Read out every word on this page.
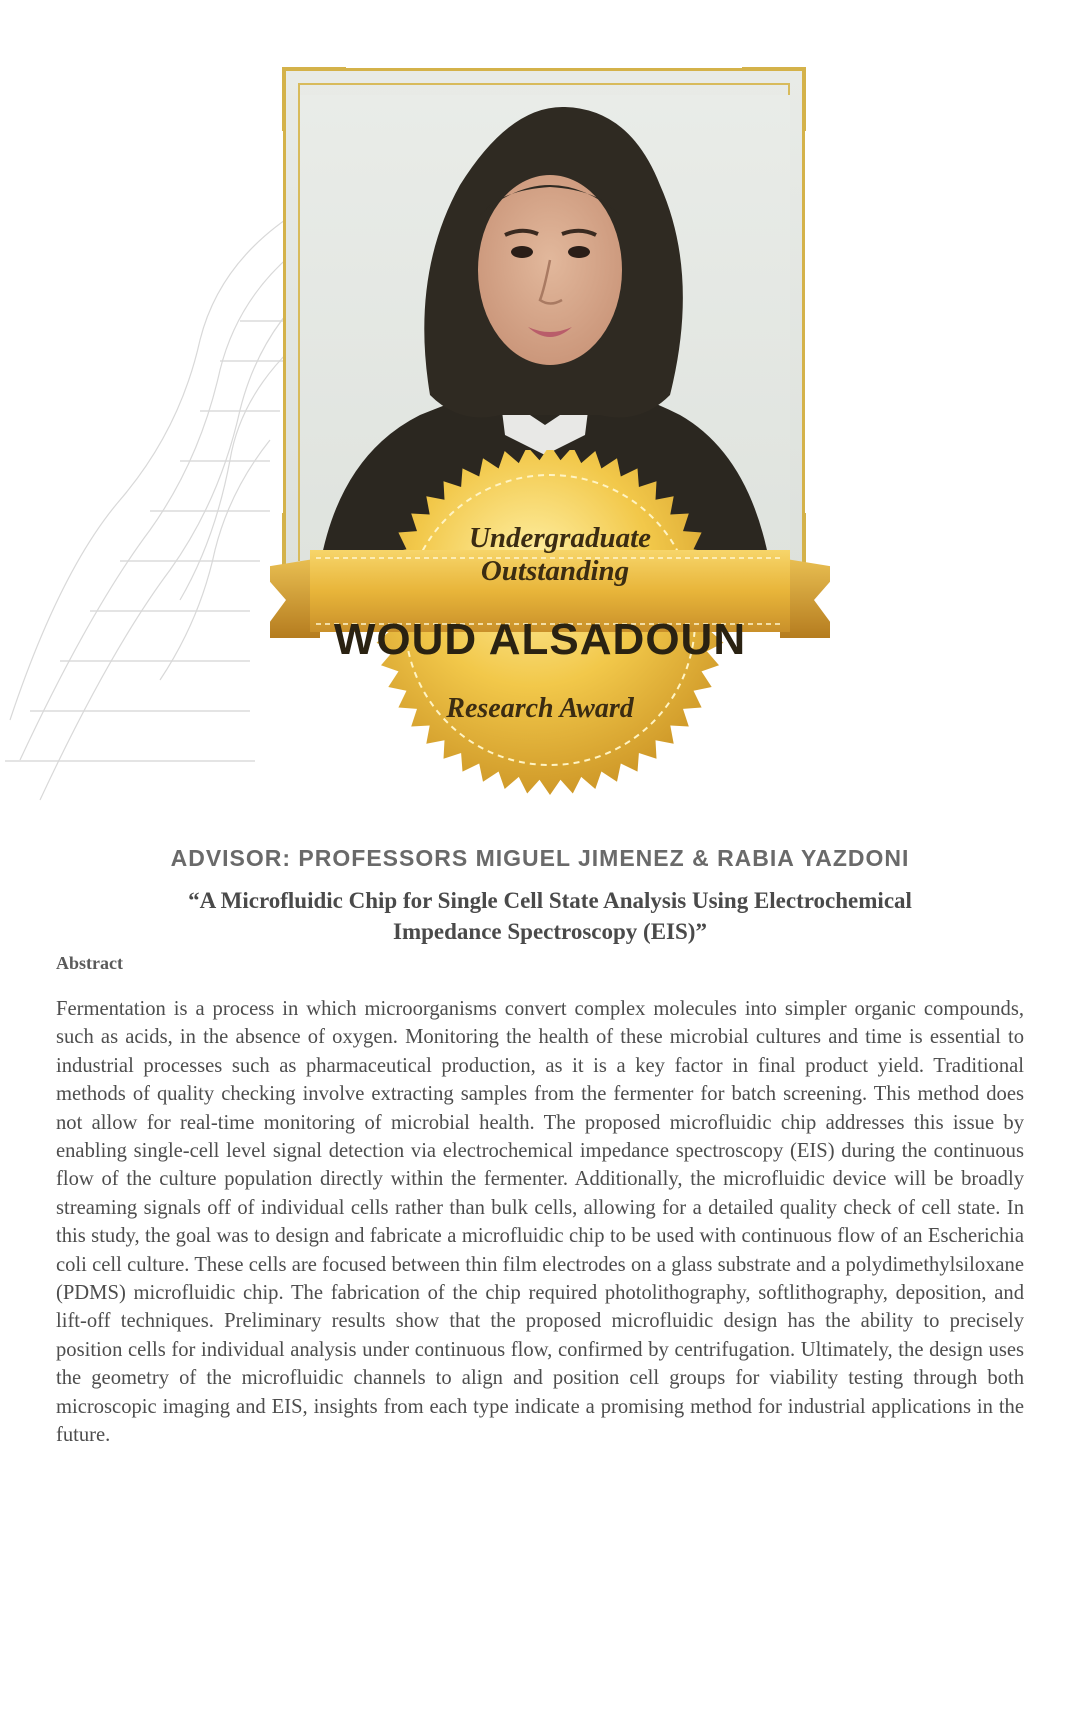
Undergraduate
Outstanding
WOUD ALSADOUN
Research Award
ADVISOR: PROFESSORS MIGUEL JIMENEZ & RABIA YAZDONI
“A Microfluidic Chip for Single Cell State Analysis Using Electrochemical Impedance Spectroscopy (EIS)”
Abstract

Fermentation is a process in which microorganisms convert complex molecules into simpler organic compounds, such as acids, in the absence of oxygen. Monitoring the health of these microbial cultures and time is essential to industrial processes such as pharmaceutical production, as it is a key factor in final product yield. Traditional methods of quality checking involve extracting samples from the fermenter for batch screening. This method does not allow for real-time monitoring of microbial health. The proposed microfluidic chip addresses this issue by enabling single-cell level signal detection via electrochemical impedance spectroscopy (EIS) during the continuous flow of the culture population directly within the fermenter. Additionally, the microfluidic device will be broadly streaming signals off of individual cells rather than bulk cells, allowing for a detailed quality check of cell state. In this study, the goal was to design and fabricate a microfluidic chip to be used with continuous flow of an Escherichia coli cell culture. These cells are focused between thin film electrodes on a glass substrate and a polydimethylsiloxane (PDMS) microfluidic chip. The fabrication of the chip required photolithography, softlithography, deposition, and lift-off techniques. Preliminary results show that the proposed microfluidic design has the ability to precisely position cells for individual analysis under continuous flow, confirmed by centrifugation. Ultimately, the design uses the geometry of the microfluidic channels to align and position cell groups for viability testing through both microscopic imaging and EIS, insights from each type indicate a promising method for industrial applications in the future.
